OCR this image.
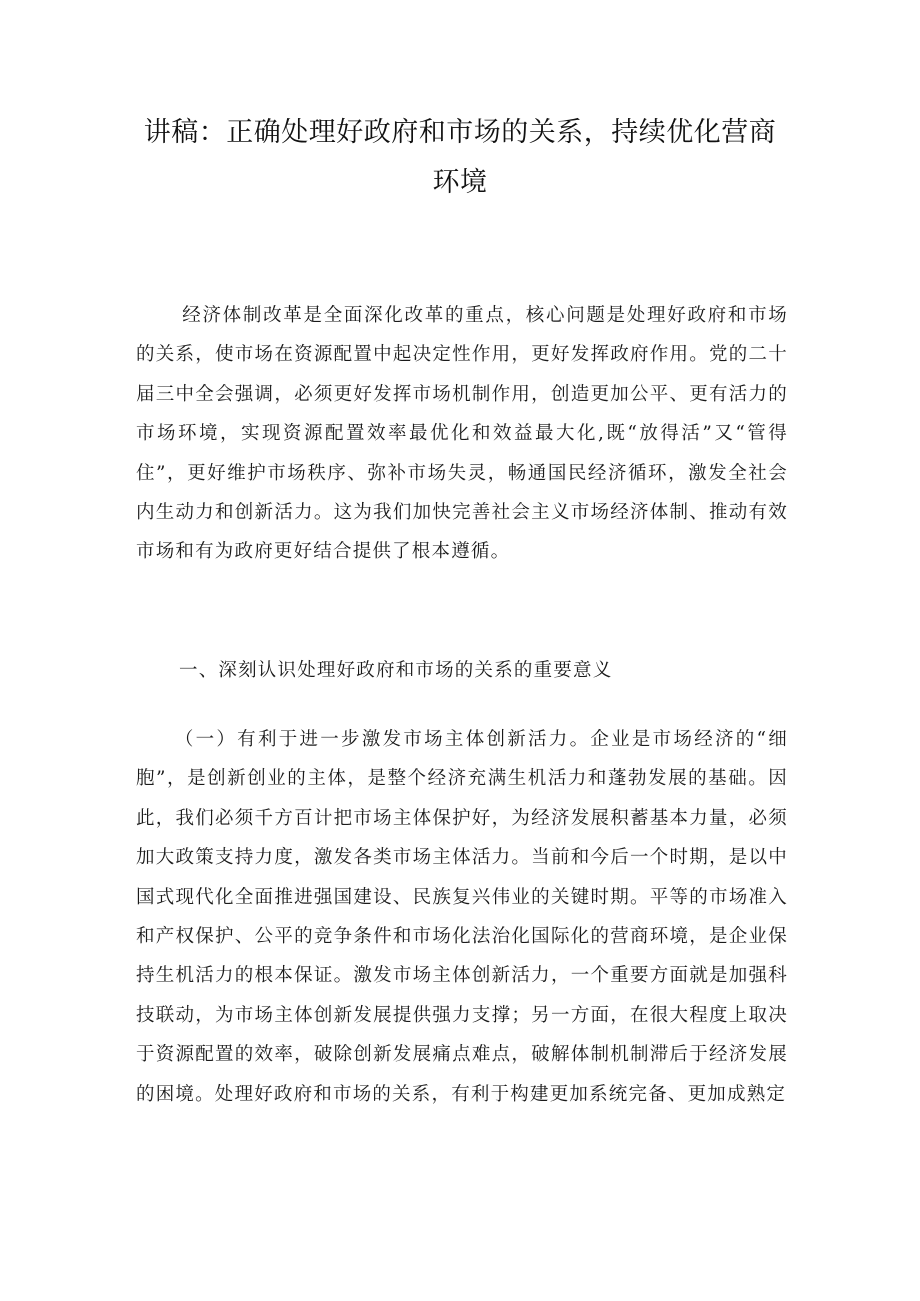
讲稿：正确处理好政府和市场的关系，持续优化营商
环境

经济体制改革是全面深化改革的重点，核心问题是处理好政府和市场的关系，使市场在资源配置中起决定性作用，更好发挥政府作用。党的二十届三中全会强调，必须更好发挥市场机制作用，创造更加公平、更有活力的市场环境，实现资源配置效率最优化和效益最大化,既“放得活”又“管得住”，更好维护市场秩序、弥补市场失灵，畅通国民经济循环，激发全社会内生动力和创新活力。这为我们加快完善社会主义市场经济体制、推动有效市场和有为政府更好结合提供了根本遵循。

一、深刻认识处理好政府和市场的关系的重要意义

（一）有利于进一步激发市场主体创新活力。企业是市场经济的“细胞”，是创新创业的主体，是整个经济充满生机活力和蓬勃发展的基础。因此，我们必须千方百计把市场主体保护好，为经济发展积蓄基本力量，必须加大政策支持力度，激发各类市场主体活力。当前和今后一个时期，是以中国式现代化全面推进强国建设、民族复兴伟业的关键时期。平等的市场准入和产权保护、公平的竞争条件和市场化法治化国际化的营商环境，是企业保持生机活力的根本保证。激发市场主体创新活力，一个重要方面就是加强科技联动，为市场主体创新发展提供强力支撑；另一方面，在很大程度上取决于资源配置的效率，破除创新发展痛点难点，破解体制机制滞后于经济发展的困境。处理好政府和市场的关系，有利于构建更加系统完备、更加成熟定
